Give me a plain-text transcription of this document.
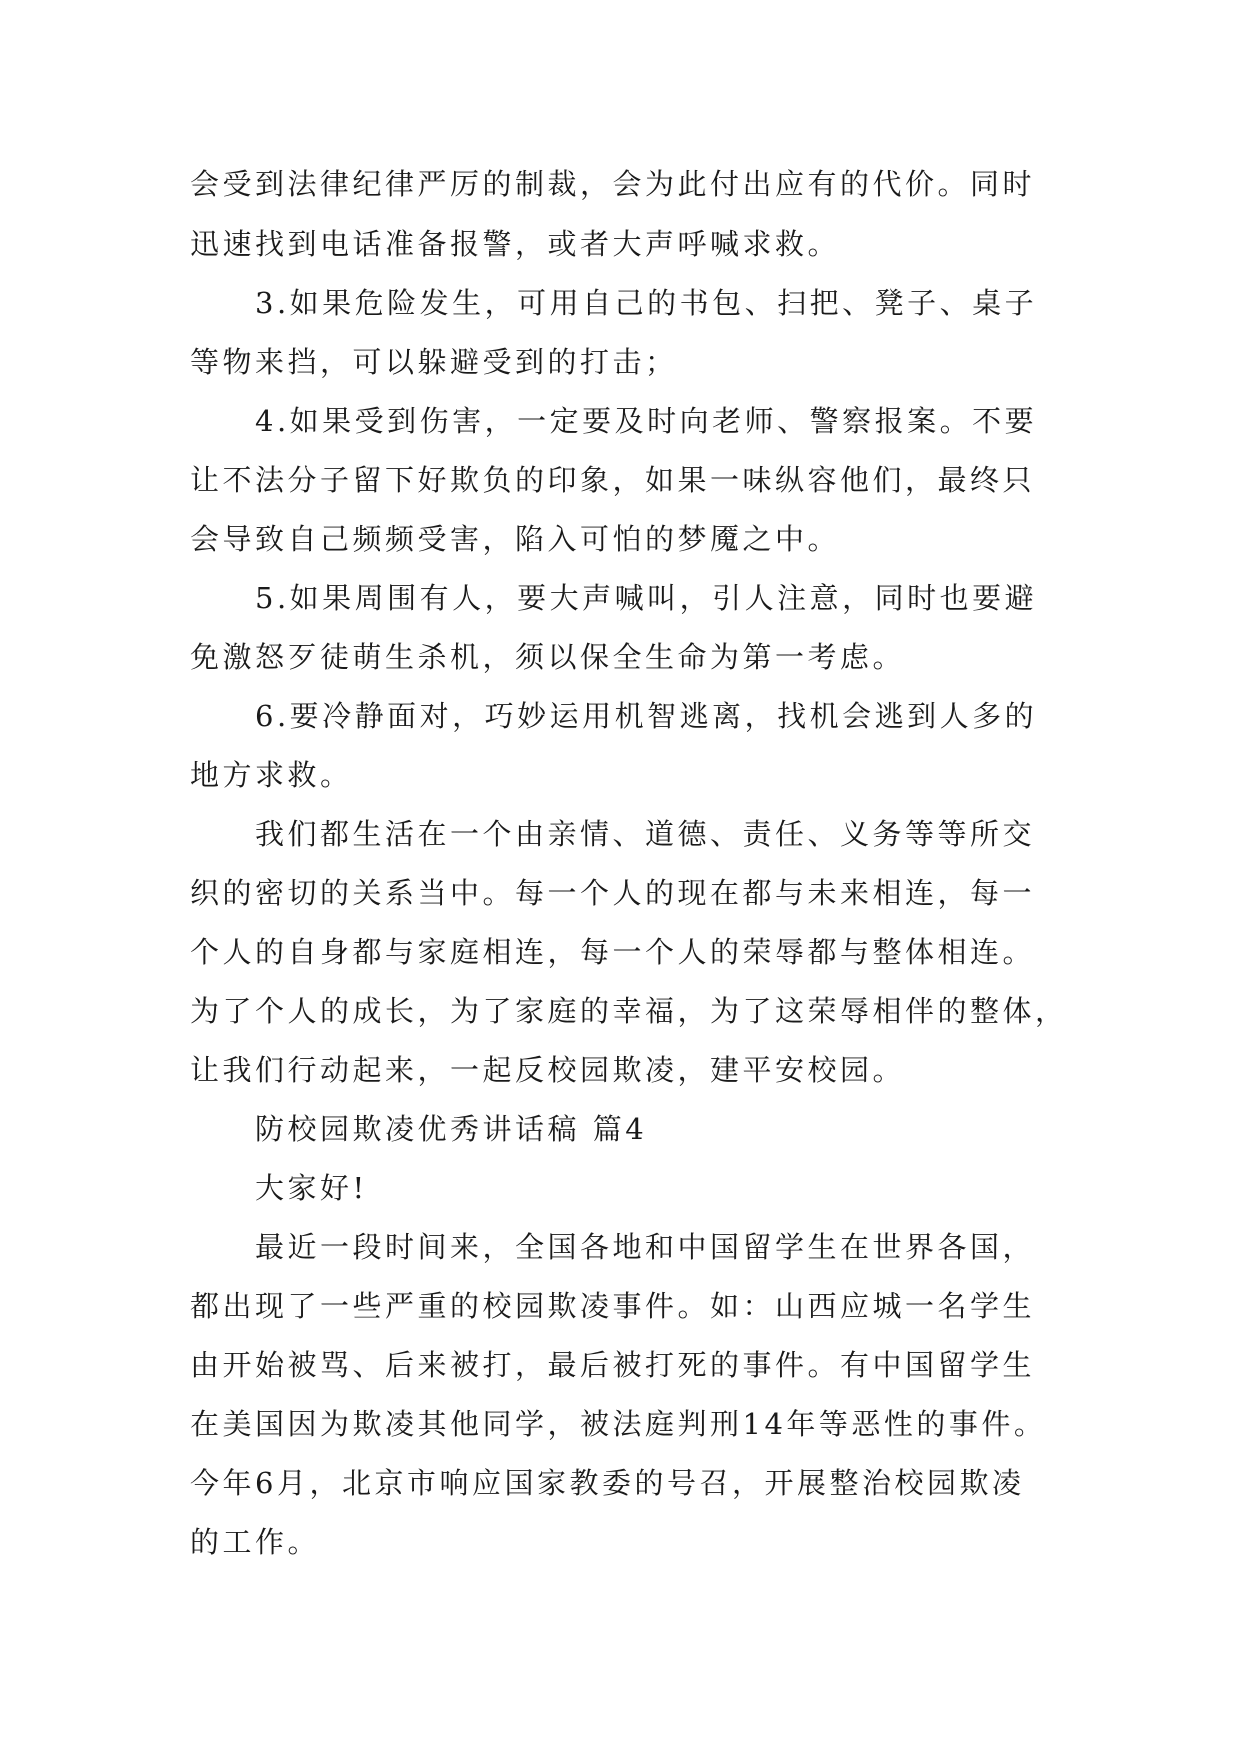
会受到法律纪律严厉的制裁，会为此付出应有的代价。同时
迅速找到电话准备报警，或者大声呼喊求救。
3.如果危险发生，可用自己的书包、扫把、凳子、桌子
等物来挡，可以躲避受到的打击；
4.如果受到伤害，一定要及时向老师、警察报案。不要
让不法分子留下好欺负的印象，如果一味纵容他们，最终只
会导致自己频频受害，陷入可怕的梦魇之中。
5.如果周围有人，要大声喊叫，引人注意，同时也要避
免激怒歹徒萌生杀机，须以保全生命为第一考虑。
6.要冷静面对，巧妙运用机智逃离，找机会逃到人多的
地方求救。
我们都生活在一个由亲情、道德、责任、义务等等所交
织的密切的关系当中。每一个人的现在都与未来相连，每一
个人的自身都与家庭相连，每一个人的荣辱都与整体相连。
为了个人的成长，为了家庭的幸福，为了这荣辱相伴的整体，
让我们行动起来，一起反校园欺凌，建平安校园。
防校园欺凌优秀讲话稿 篇4
大家好!
最近一段时间来，全国各地和中国留学生在世界各国，
都出现了一些严重的校园欺凌事件。如：山西应城一名学生
由开始被骂、后来被打，最后被打死的事件。有中国留学生
在美国因为欺凌其他同学，被法庭判刑14年等恶性的事件。
今年6月，北京市响应国家教委的号召，开展整治校园欺凌
的工作。
